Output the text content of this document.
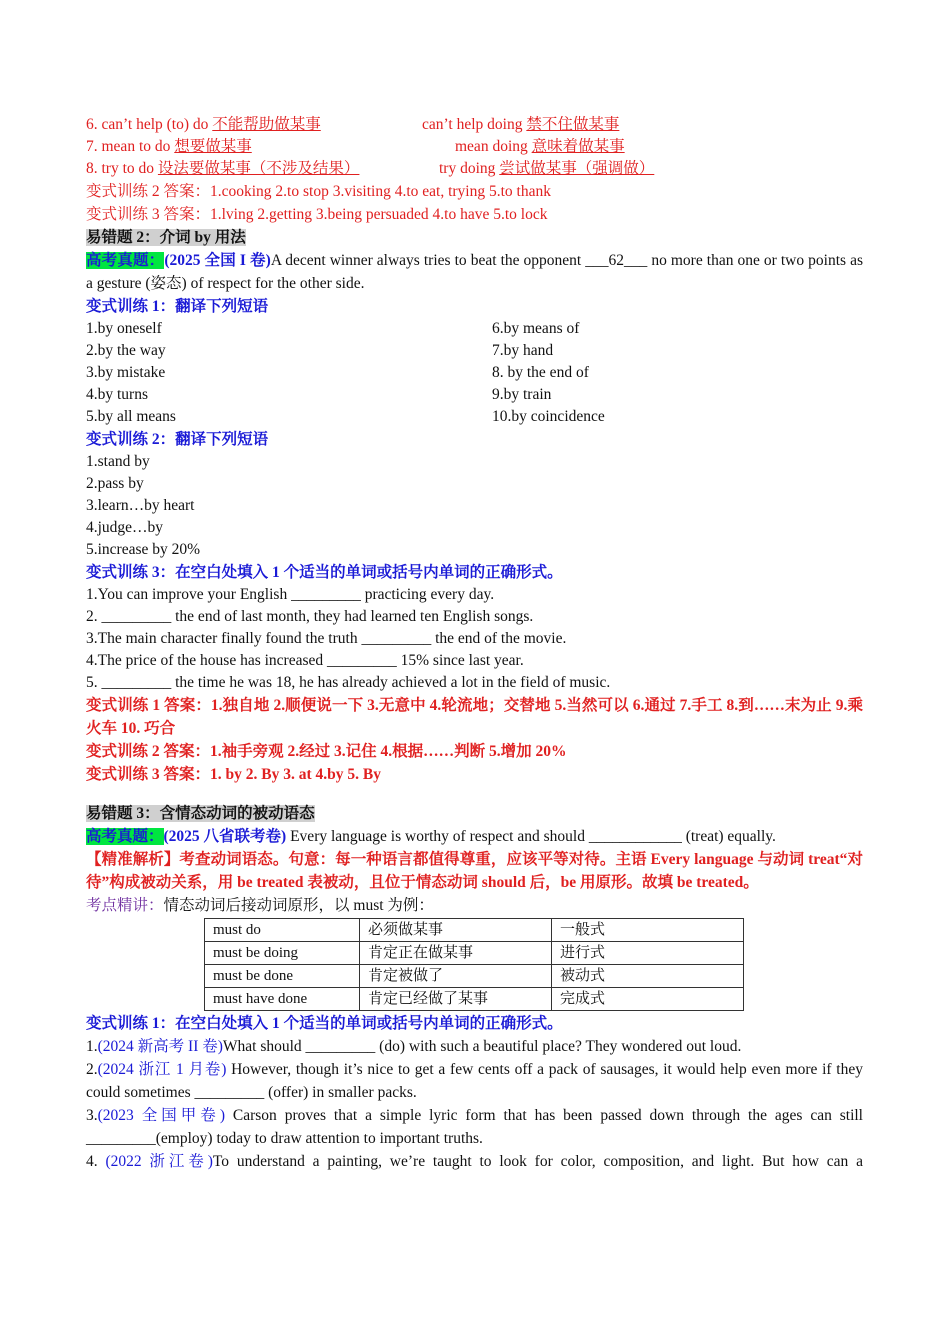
6. can’t help (to) do 不能帮助做某事	can’t help doing 禁不住做某事
7. mean to do 想要做某事	mean doing 意味着做某事
8. try to do 设法要做某事（不涉及结果）	try doing 尝试做某事（强调做）
变式训练 2 答案：1.cooking 2.to stop 3.visiting 4.to eat, trying 5.to thank
变式训练 3 答案：1.lving 2.getting 3.being persuaded 4.to have 5.to lock
易错题 2：介词 by 用法
高考真题：(2025 全国 I 卷)A decent winner always tries to beat the opponent ___62___ no more than one or two points as a gesture (姿态) of respect for the other side.
变式训练 1：翻译下列短语
1.by oneself	6.by means of
2.by the way	7.by hand
3.by mistake	8. by the end of
4.by turns	9.by train
5.by all means	10.by coincidence
变式训练 2：翻译下列短语
1.stand by
2.pass by
3.learn…by heart
4.judge…by
5.increase by 20%
变式训练 3：在空白处填入 1 个适当的单词或括号内单词的正确形式。
1.You can improve your English _________ practicing every day.
2. _________ the end of last month, they had learned ten English songs.
3.The main character finally found the truth _________ the end of the movie.
4.The price of the house has increased _________ 15% since last year.
5. _________ the time he was 18, he has already achieved a lot in the field of music.
变式训练 1 答案：1.独自地 2.顺便说一下 3.无意中 4.轮流地；交替地 5.当然可以 6.通过 7.手工 8.到……末为止 9.乘火车 10. 巧合
变式训练 2 答案：1.袖手旁观 2.经过 3.记住 4.根据……判断 5.增加 20%
变式训练 3 答案：1. by 2. By 3. at 4.by 5. By
易错题 3：含情态动词的被动语态
高考真题：(2025 八省联考卷) Every language is worthy of respect and should ____________ (treat) equally.
【精准解析】考查动词语态。句意：每一种语言都值得尊重，应该平等对待。主语 Every language 与动词 treat“对待”构成被动关系，用 be treated 表被动，且位于情态动词 should 后，be 用原形。故填 be treated。
考点精讲：情态动词后接动词原形，以 must 为例：
must do	必须做某事	一般式
must be doing	肯定正在做某事	进行式
must be done	肯定被做了	被动式
must have done	肯定已经做了某事	完成式
变式训练 1：在空白处填入 1 个适当的单词或括号内单词的正确形式。
1.(2024 新高考 II 卷)What should _________ (do) with such a beautiful place? They wondered out loud.
2.(2024 浙江 1 月卷) However, though it’s nice to get a few cents off a pack of sausages, it would help even more if they could sometimes _________ (offer) in smaller packs.
3.(2023 全国甲卷) Carson proves that a simple lyric form that has been passed down through the ages can still _________(employ) today to draw attention to important truths.
4. (2022 浙江卷)To understand a painting, we’re taught to look for color, composition, and light. But how can a
